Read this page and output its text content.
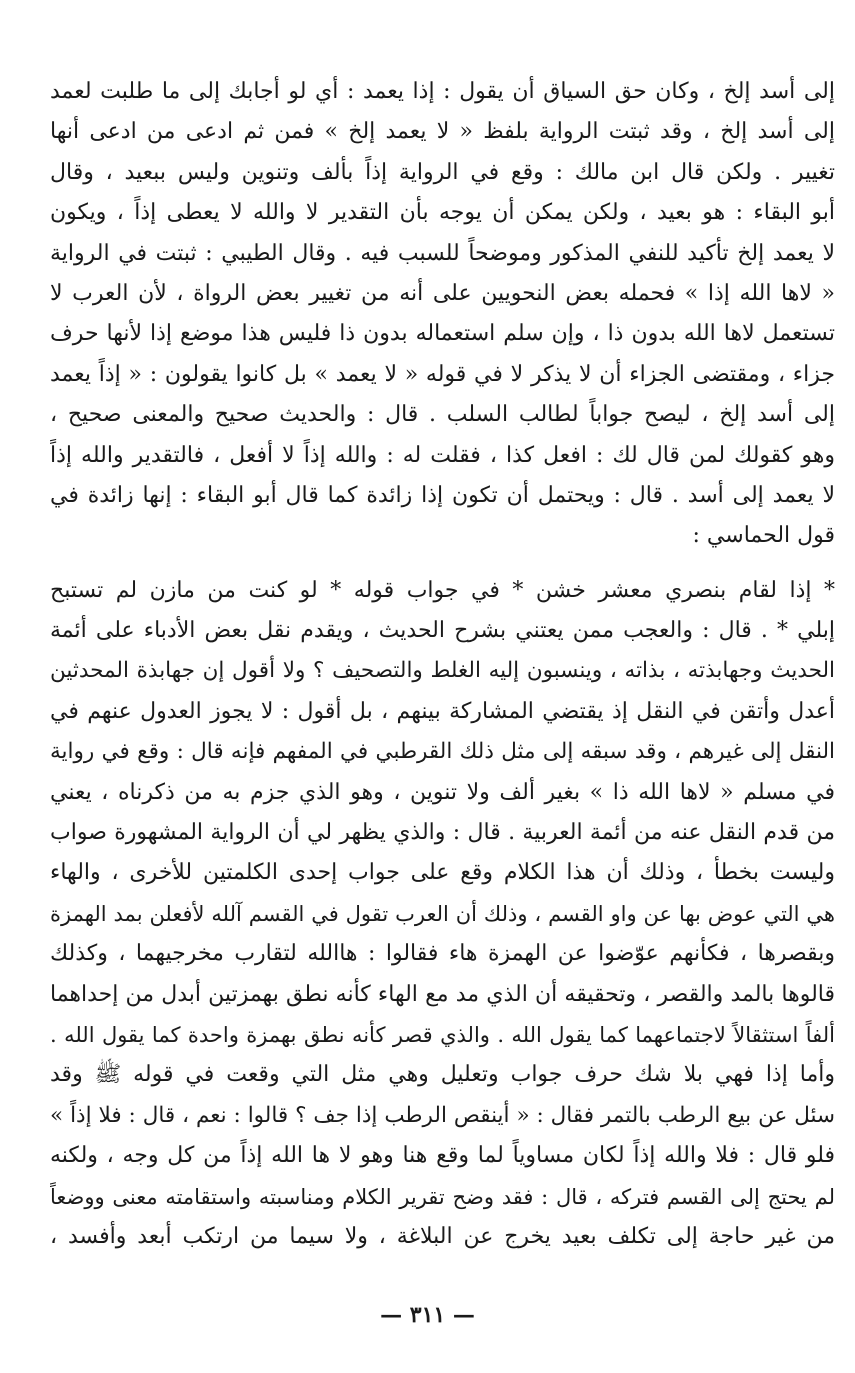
إلى أسد إلخ ، وكان حق السياق أن يقول : إذا يعمد : أي لو أجابك إلى ما طلبت لعمد
إلى أسد إلخ ، وقد ثبتت الرواية بلفظ « لا يعمد إلخ » فمن ثم ادعى من ادعى أنها
تغيير . ولكن قال ابن مالك : وقع في الرواية إذاً بألف وتنوين وليس ببعيد ، وقال
أبو البقاء : هو بعيد ، ولكن يمكن أن يوجه بأن التقدير لا والله لا يعطى إذاً ، ويكون
لا يعمد إلخ تأكيد للنفي المذكور وموضحاً للسبب فيه . وقال الطيبي : ثبتت في الرواية
« لاها الله إذا » فحمله بعض النحويين على أنه من تغيير بعض الرواة ، لأن العرب لا
تستعمل لاها الله بدون ذا ، وإن سلم استعماله بدون ذا فليس هذا موضع إذا لأنها حرف
جزاء ، ومقتضى الجزاء أن لا يذكر لا في قوله « لا يعمد » بل كانوا يقولون : « إذاً يعمد
إلى أسد إلخ ، ليصح جواباً لطالب السلب . قال : والحديث صحيح والمعنى صحيح ،
وهو كقولك لمن قال لك : افعل كذا ، فقلت له : والله إذاً لا أفعل ، فالتقدير والله إذاً
لا يعمد إلى أسد . قال : ويحتمل أن تكون إذا زائدة كما قال أبو البقاء : إنها زائدة في
قول الحماسي :
* إذا لقام بنصري معشر خشن * في جواب قوله * لو كنت من مازن لم تستبح
إبلي * . قال : والعجب ممن يعتني بشرح الحديث ، ويقدم نقل بعض الأدباء على أئمة
الحديث وجهابذته ، بذاته ، وينسبون إليه الغلط والتصحيف ؟ ولا أقول إن جهابذة المحدثين
أعدل وأتقن في النقل إذ يقتضي المشاركة بينهم ، بل أقول : لا يجوز العدول عنهم في
النقل إلى غيرهم ، وقد سبقه إلى مثل ذلك القرطبي في المفهم فإنه قال : وقع في رواية
في مسلم « لاها الله ذا » بغير ألف ولا تنوين ، وهو الذي جزم به من ذكرناه ، يعني
من قدم النقل عنه من أئمة العربية . قال : والذي يظهر لي أن الرواية المشهورة صواب
وليست بخطأ ، وذلك أن هذا الكلام وقع على جواب إحدى الكلمتين للأخرى ، والهاء
هي التي عوض بها عن واو القسم ، وذلك أن العرب تقول في القسم آلله لأفعلن بمد الهمزة
وبقصرها ، فكأنهم عوّضوا عن الهمزة هاء فقالوا : هاالله لتقارب مخرجيهما ، وكذلك
قالوها بالمد والقصر ، وتحقيقه أن الذي مد مع الهاء كأنه نطق بهمزتين أبدل من إحداهما
ألفاً استثقالاً لاجتماعهما كما يقول الله . والذي قصر كأنه نطق بهمزة واحدة كما يقول الله .
وأما إذا فهي بلا شك حرف جواب وتعليل وهي مثل التي وقعت في قوله ﷺ وقد
سئل عن بيع الرطب بالتمر فقال : « أينقص الرطب إذا جف ؟ قالوا : نعم ، قال : فلا إذاً »
فلو قال : فلا والله إذاً لكان مساوياً لما وقع هنا وهو لا ها الله إذاً من كل وجه ، ولكنه
لم يحتج إلى القسم فتركه ، قال : فقد وضح تقرير الكلام ومناسبته واستقامته معنى ووضعاً
من غير حاجة إلى تكلف بعيد يخرج عن البلاغة ، ولا سيما من ارتكب أبعد وأفسد ،
— ٣١١ —
